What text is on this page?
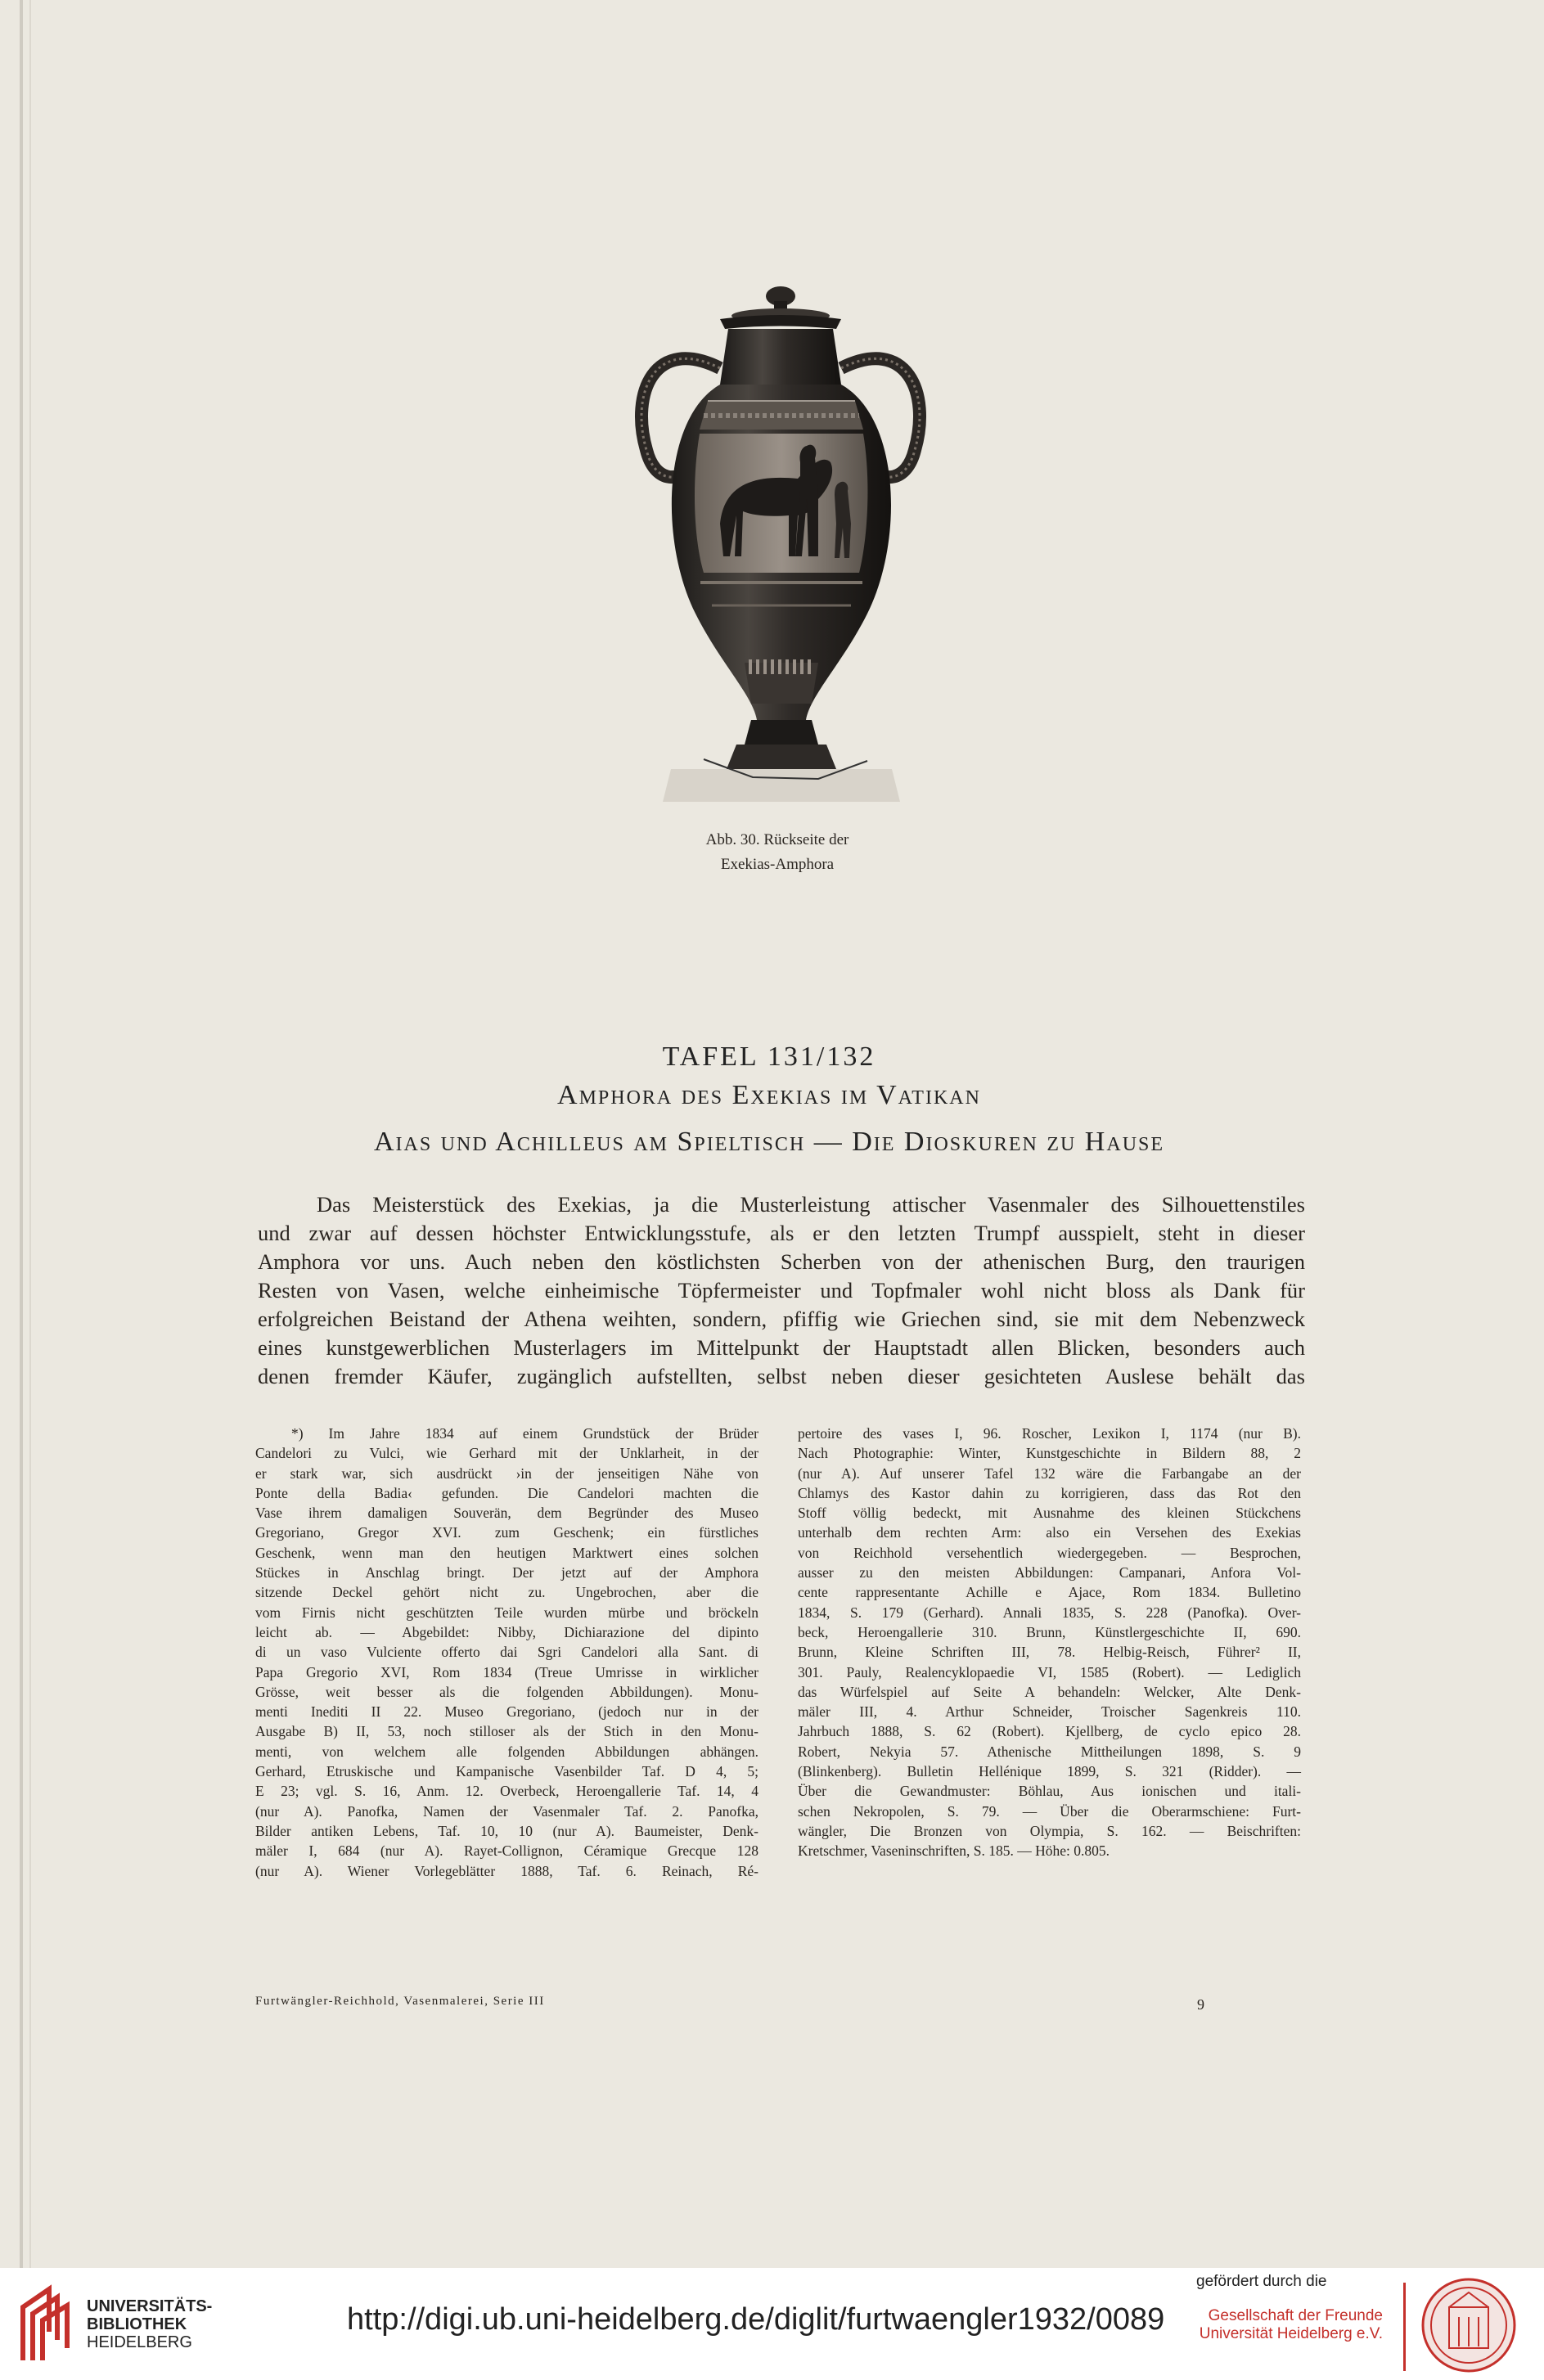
Abb. 30. Rückseite der
Exekias-Amphora
TAFEL 131/132
Amphora des Exekias im Vatikan
Aias und Achilleus am Spieltisch — Die Dioskuren zu Hause
Das Meisterstück des Exekias, ja die Musterleistung attischer Vasenmaler des Silhouettenstiles
und zwar auf dessen höchster Entwicklungsstufe, als er den letzten Trumpf ausspielt, steht in dieser
Amphora vor uns. Auch neben den köstlichsten Scherben von der athenischen Burg, den traurigen
Resten von Vasen, welche einheimische Töpfermeister und Topfmaler wohl nicht bloss als Dank für
erfolgreichen Beistand der Athena weihten, sondern, pfiffig wie Griechen sind, sie mit dem Nebenzweck
eines kunstgewerblichen Musterlagers im Mittelpunkt der Hauptstadt allen Blicken, besonders auch
denen fremder Käufer, zugänglich aufstellten, selbst neben dieser gesichteten Auslese behält das
*) Im Jahre 1834 auf einem Grundstück der Brüder
Candelori zu Vulci, wie Gerhard mit der Unklarheit, in der
er stark war, sich ausdrückt ›in der jenseitigen Nähe von
Ponte della Badia‹ gefunden. Die Candelori machten die
Vase ihrem damaligen Souverän, dem Begründer des Museo
Gregoriano, Gregor XVI. zum Geschenk; ein fürstliches
Geschenk, wenn man den heutigen Marktwert eines solchen
Stückes in Anschlag bringt. Der jetzt auf der Amphora
sitzende Deckel gehört nicht zu. Ungebrochen, aber die
vom Firnis nicht geschützten Teile wurden mürbe und bröckeln
leicht ab. — Abgebildet: Nibby, Dichiarazione del dipinto
di un vaso Vulciente offerto dai Sgri Candelori alla Sant. di
Papa Gregorio XVI, Rom 1834 (Treue Umrisse in wirklicher
Grösse, weit besser als die folgenden Abbildungen). Monu-
menti Inediti II 22. Museo Gregoriano, (jedoch nur in der
Ausgabe B) II, 53, noch stilloser als der Stich in den Monu-
menti, von welchem alle folgenden Abbildungen abhängen.
Gerhard, Etruskische und Kampanische Vasenbilder Taf. D 4, 5;
E 23; vgl. S. 16, Anm. 12. Overbeck, Heroengallerie Taf. 14, 4
(nur A). Panofka, Namen der Vasenmaler Taf. 2. Panofka,
Bilder antiken Lebens, Taf. 10, 10 (nur A). Baumeister, Denk-
mäler I, 684 (nur A). Rayet-Collignon, Céramique Grecque 128
(nur A). Wiener Vorlegeblätter 1888, Taf. 6. Reinach, Ré-
pertoire des vases I, 96. Roscher, Lexikon I, 1174 (nur B).
Nach Photographie: Winter, Kunstgeschichte in Bildern 88, 2
(nur A). Auf unserer Tafel 132 wäre die Farbangabe an der
Chlamys des Kastor dahin zu korrigieren, dass das Rot den
Stoff völlig bedeckt, mit Ausnahme des kleinen Stückchens
unterhalb dem rechten Arm: also ein Versehen des Exekias
von Reichhold versehentlich wiedergegeben. — Besprochen,
ausser zu den meisten Abbildungen: Campanari, Anfora Vol-
cente rappresentante Achille e Ajace, Rom 1834. Bulletino
1834, S. 179 (Gerhard). Annali 1835, S. 228 (Panofka). Over-
beck, Heroengallerie 310. Brunn, Künstlergeschichte II, 690.
Brunn, Kleine Schriften III, 78. Helbig-Reisch, Führer² II,
301. Pauly, Realencyklopaedie VI, 1585 (Robert). — Lediglich
das Würfelspiel auf Seite A behandeln: Welcker, Alte Denk-
mäler III, 4. Arthur Schneider, Troischer Sagenkreis 110.
Jahrbuch 1888, S. 62 (Robert). Kjellberg, de cyclo epico 28.
Robert, Nekyia 57. Athenische Mittheilungen 1898, S. 9
(Blinkenberg). Bulletin Hellénique 1899, S. 321 (Ridder). —
Über die Gewandmuster: Böhlau, Aus ionischen und itali-
schen Nekropolen, S. 79. — Über die Oberarmschiene: Furt-
wängler, Die Bronzen von Olympia, S. 162. — Beischriften:
Kretschmer, Vaseninschriften, S. 185. — Höhe: 0.805.
Furtwängler-Reichhold, Vasenmalerei, Serie III	9
UNIVERSITÄTS-
BIBLIOTHEK
HEIDELBERG
http://digi.ub.uni-heidelberg.de/diglit/furtwaengler1932/0089
gefördert durch die
Gesellschaft der Freunde
Universität Heidelberg e.V.
